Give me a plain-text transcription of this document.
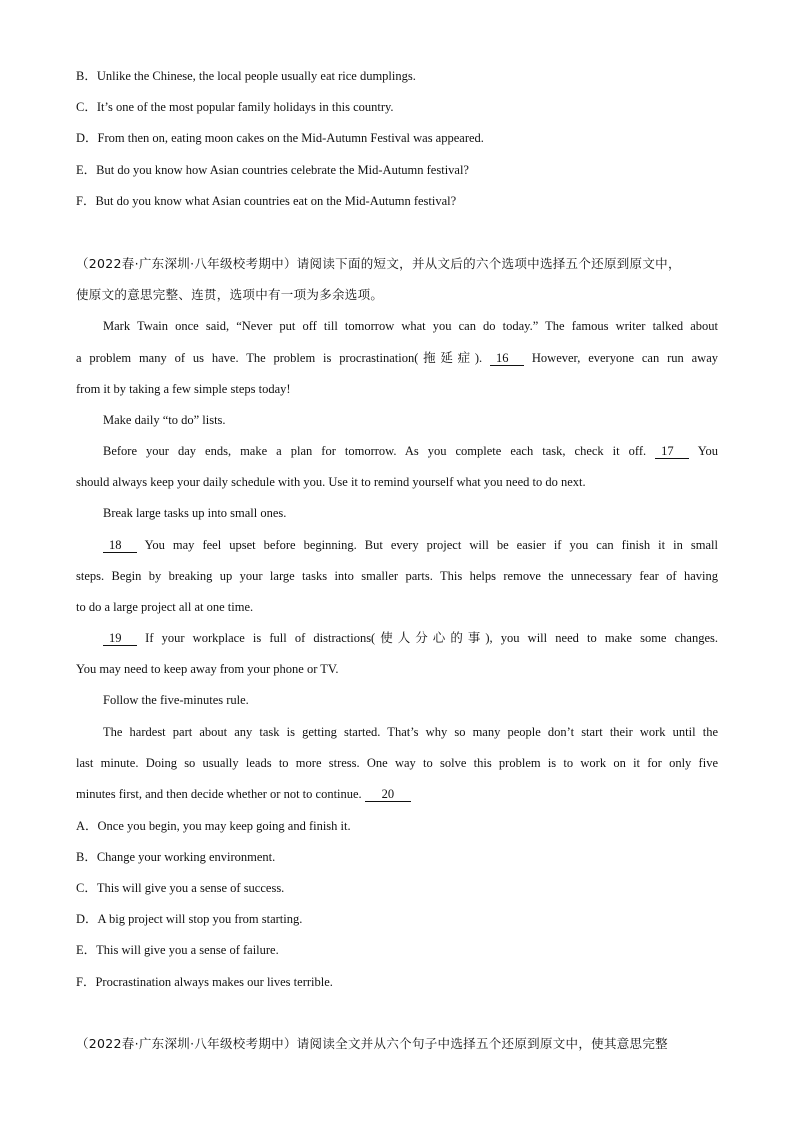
B．Unlike the Chinese, the local people usually eat rice dumplings.
C．It’s one of the most popular family holidays in this country.
D．From then on, eating moon cakes on the Mid-Autumn Festival was appeared.
E．But do you know how Asian countries celebrate the Mid-Autumn festival?
F．But do you know what Asian countries eat on the Mid-Autumn festival?
（2022春·广东深圳·八年级校考期中）请阅读下面的短文，并从文后的六个选项中选择五个还原到原文中，
使原文的意思完整、连贯，选项中有一项为多余选项。
Mark Twain once said, “Never put off till tomorrow what you can do today.” The famous writer talked about
a problem many of us have. The problem is procrastination(拖延症). 16 However, everyone can run away
from it by taking a few simple steps today!
Make daily “to do” lists.
Before your day ends, make a plan for tomorrow. As you complete each task, check it off. 17 You
should always keep your daily schedule with you. Use it to remind yourself what you need to do next.
Break large tasks up into small ones.
18 You may feel upset before beginning. But every project will be easier if you can finish it in small
steps. Begin by breaking up your large tasks into smaller parts. This helps remove the unnecessary fear of having
to do a large project all at one time.
19 If your workplace is full of distractions(使人分心的事), you will need to make some changes.
You may need to keep away from your phone or TV.
Follow the five-minutes rule.
The hardest part about any task is getting started. That’s why so many people don’t start their work until the
last minute. Doing so usually leads to more stress. One way to solve this problem is to work on it for only five
minutes first, and then decide whether or not to continue. 20
A．Once you begin, you may keep going and finish it.
B．Change your working environment.
C．This will give you a sense of success.
D．A big project will stop you from starting.
E．This will give you a sense of failure.
F．Procrastination always makes our lives terrible.
（2022春·广东深圳·八年级校考期中）请阅读全文并从六个句子中选择五个还原到原文中，使其意思完整
